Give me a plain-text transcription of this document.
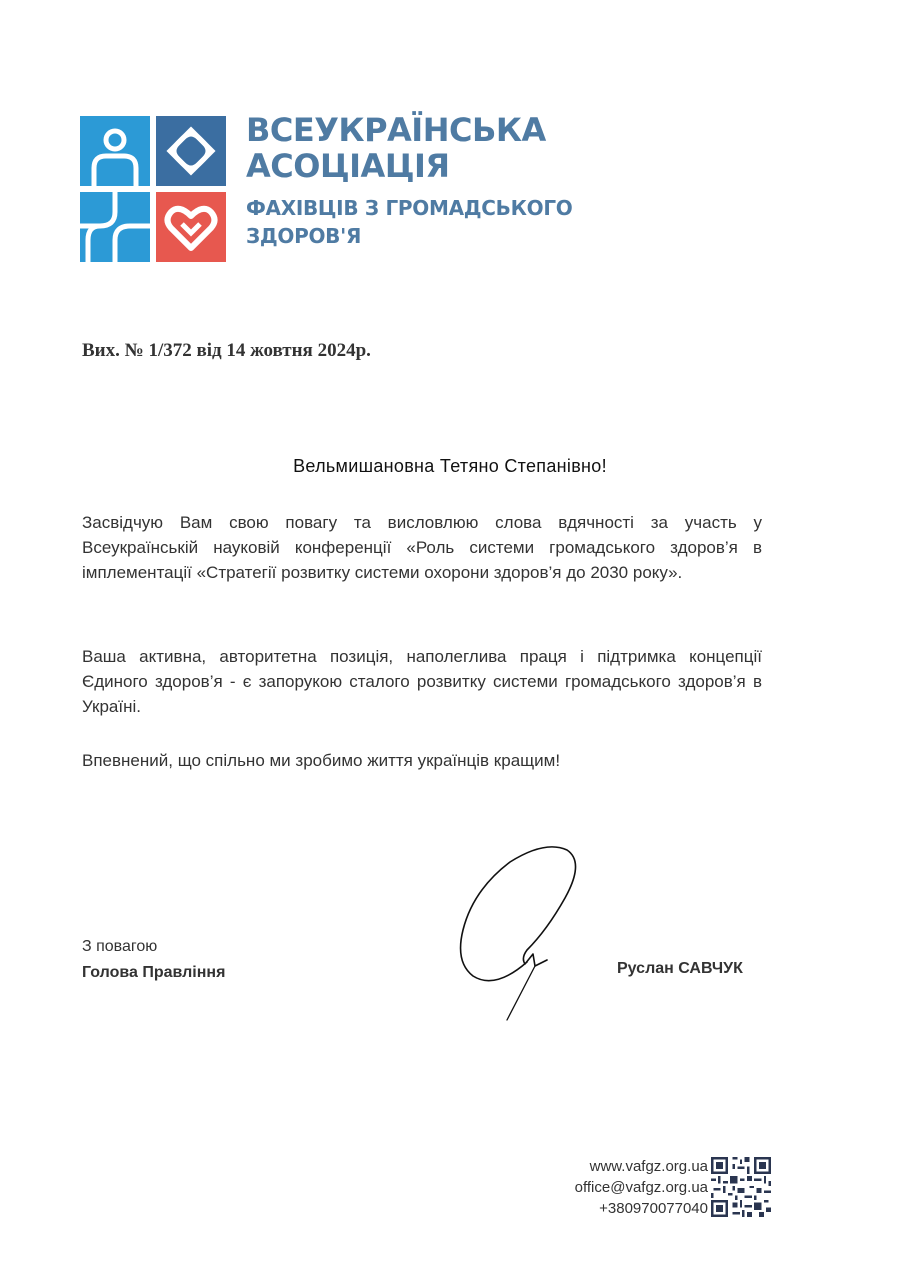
ВСЕУКРАЇНСЬКА
АСОЦІАЦІЯ
ФАХІВЦІВ З ГРОМАДСЬКОГО
ЗДОРОВ'Я
Вих. № 1/372 від 14 жовтня 2024р.
Вельмишановна Тетяно Степанівно!

Засвідчую Вам свою повагу та висловлюю слова вдячності за участь у Всеукраїнській науковій конференції «Роль системи громадського здоров’я в імплементації «Стратегії розвитку системи охорони здоров’я до 2030 року».

Ваша активна, авторитетна позиція, наполеглива праця і підтримка концепції Єдиного здоров’я - є запорукою сталого розвитку системи громадського здоров’я в Україні.

Впевнений, що спільно ми зробимо життя українців кращим!

З повагою
Голова Правління	Руслан САВЧУК
www.vafgz.org.ua
office@vafgz.org.ua
+380970077040
